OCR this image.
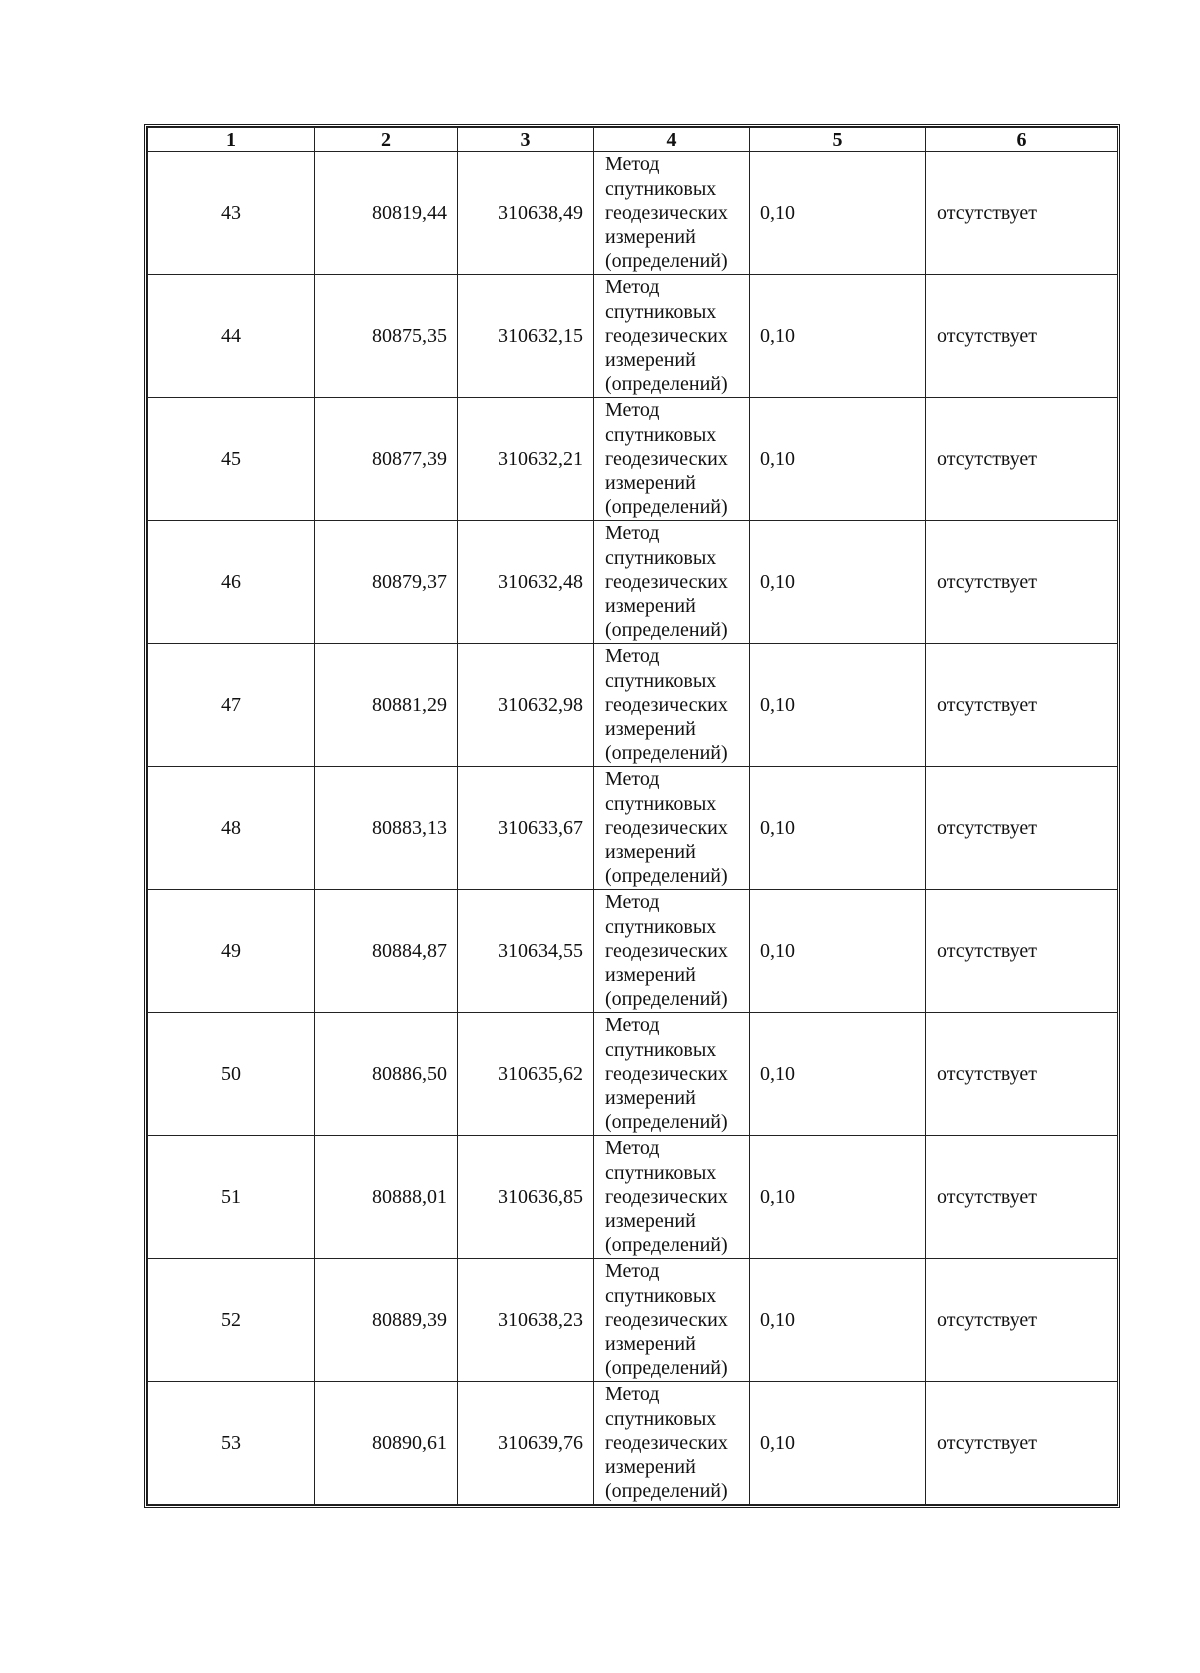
1	2	3	4	5	6
43	80819,44	310638,49	Метод
спутниковых
геодезических
измерений
(определений)	0,10	отсутствует
44	80875,35	310632,15	Метод
спутниковых
геодезических
измерений
(определений)	0,10	отсутствует
45	80877,39	310632,21	Метод
спутниковых
геодезических
измерений
(определений)	0,10	отсутствует
46	80879,37	310632,48	Метод
спутниковых
геодезических
измерений
(определений)	0,10	отсутствует
47	80881,29	310632,98	Метод
спутниковых
геодезических
измерений
(определений)	0,10	отсутствует
48	80883,13	310633,67	Метод
спутниковых
геодезических
измерений
(определений)	0,10	отсутствует
49	80884,87	310634,55	Метод
спутниковых
геодезических
измерений
(определений)	0,10	отсутствует
50	80886,50	310635,62	Метод
спутниковых
геодезических
измерений
(определений)	0,10	отсутствует
51	80888,01	310636,85	Метод
спутниковых
геодезических
измерений
(определений)	0,10	отсутствует
52	80889,39	310638,23	Метод
спутниковых
геодезических
измерений
(определений)	0,10	отсутствует
53	80890,61	310639,76	Метод
спутниковых
геодезических
измерений
(определений)	0,10	отсутствует
